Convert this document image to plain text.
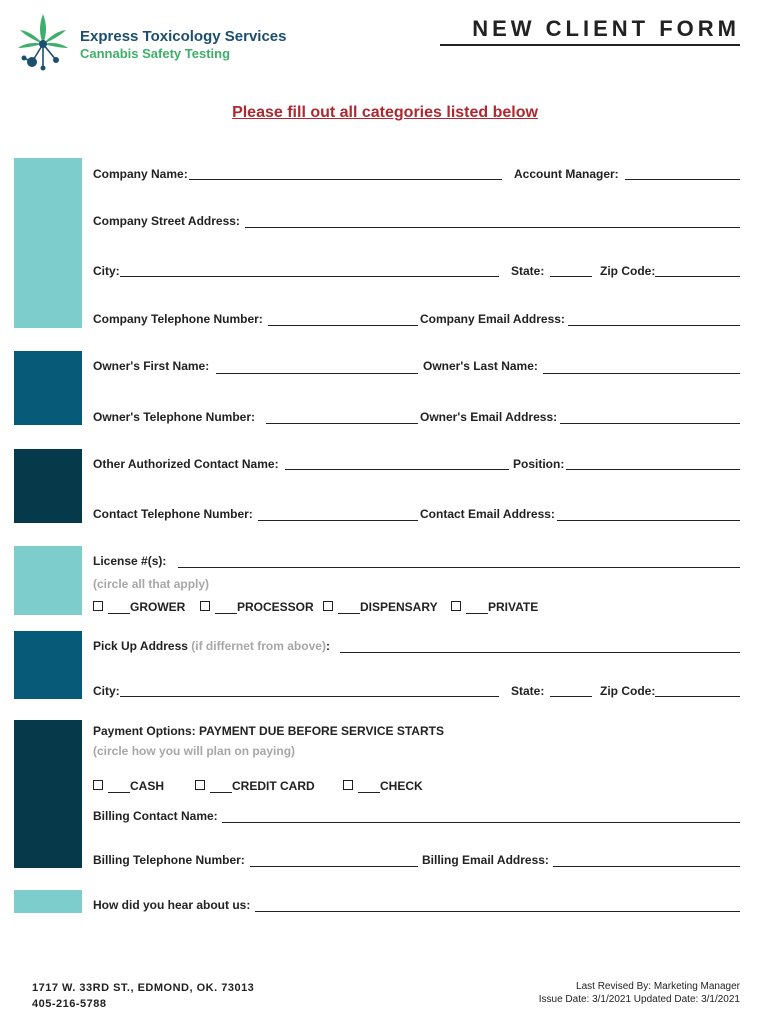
Express Toxicology Services
Cannabis Safety Testing
NEW CLIENT FORM
Please fill out all categories listed below
Company Name:	Account Manager:
Company Street Address:
City:	State:	Zip Code:
Company Telephone Number:	Company Email Address:
Owner's First Name:	Owner's Last Name:
Owner's Telephone Number:	Owner's Email Address:
Other Authorized Contact Name:	Position:
Contact Telephone Number:	Contact Email Address:
License #(s):
(circle all that apply)
GROWER	PROCESSOR	DISPENSARY	PRIVATE
Pick Up Address (if differnet from above):
City:	State:	Zip Code:
Payment Options: PAYMENT DUE BEFORE SERVICE STARTS
(circle how you will plan on paying)
CASH	CREDIT CARD	CHECK
Billing Contact Name:
Billing Telephone Number:	Billing Email Address:
How did you hear about us:
1717 W. 33RD ST., EDMOND, OK. 73013
405-216-5788
Last Revised By: Marketing Manager
Issue Date: 3/1/2021 Updated Date: 3/1/2021
